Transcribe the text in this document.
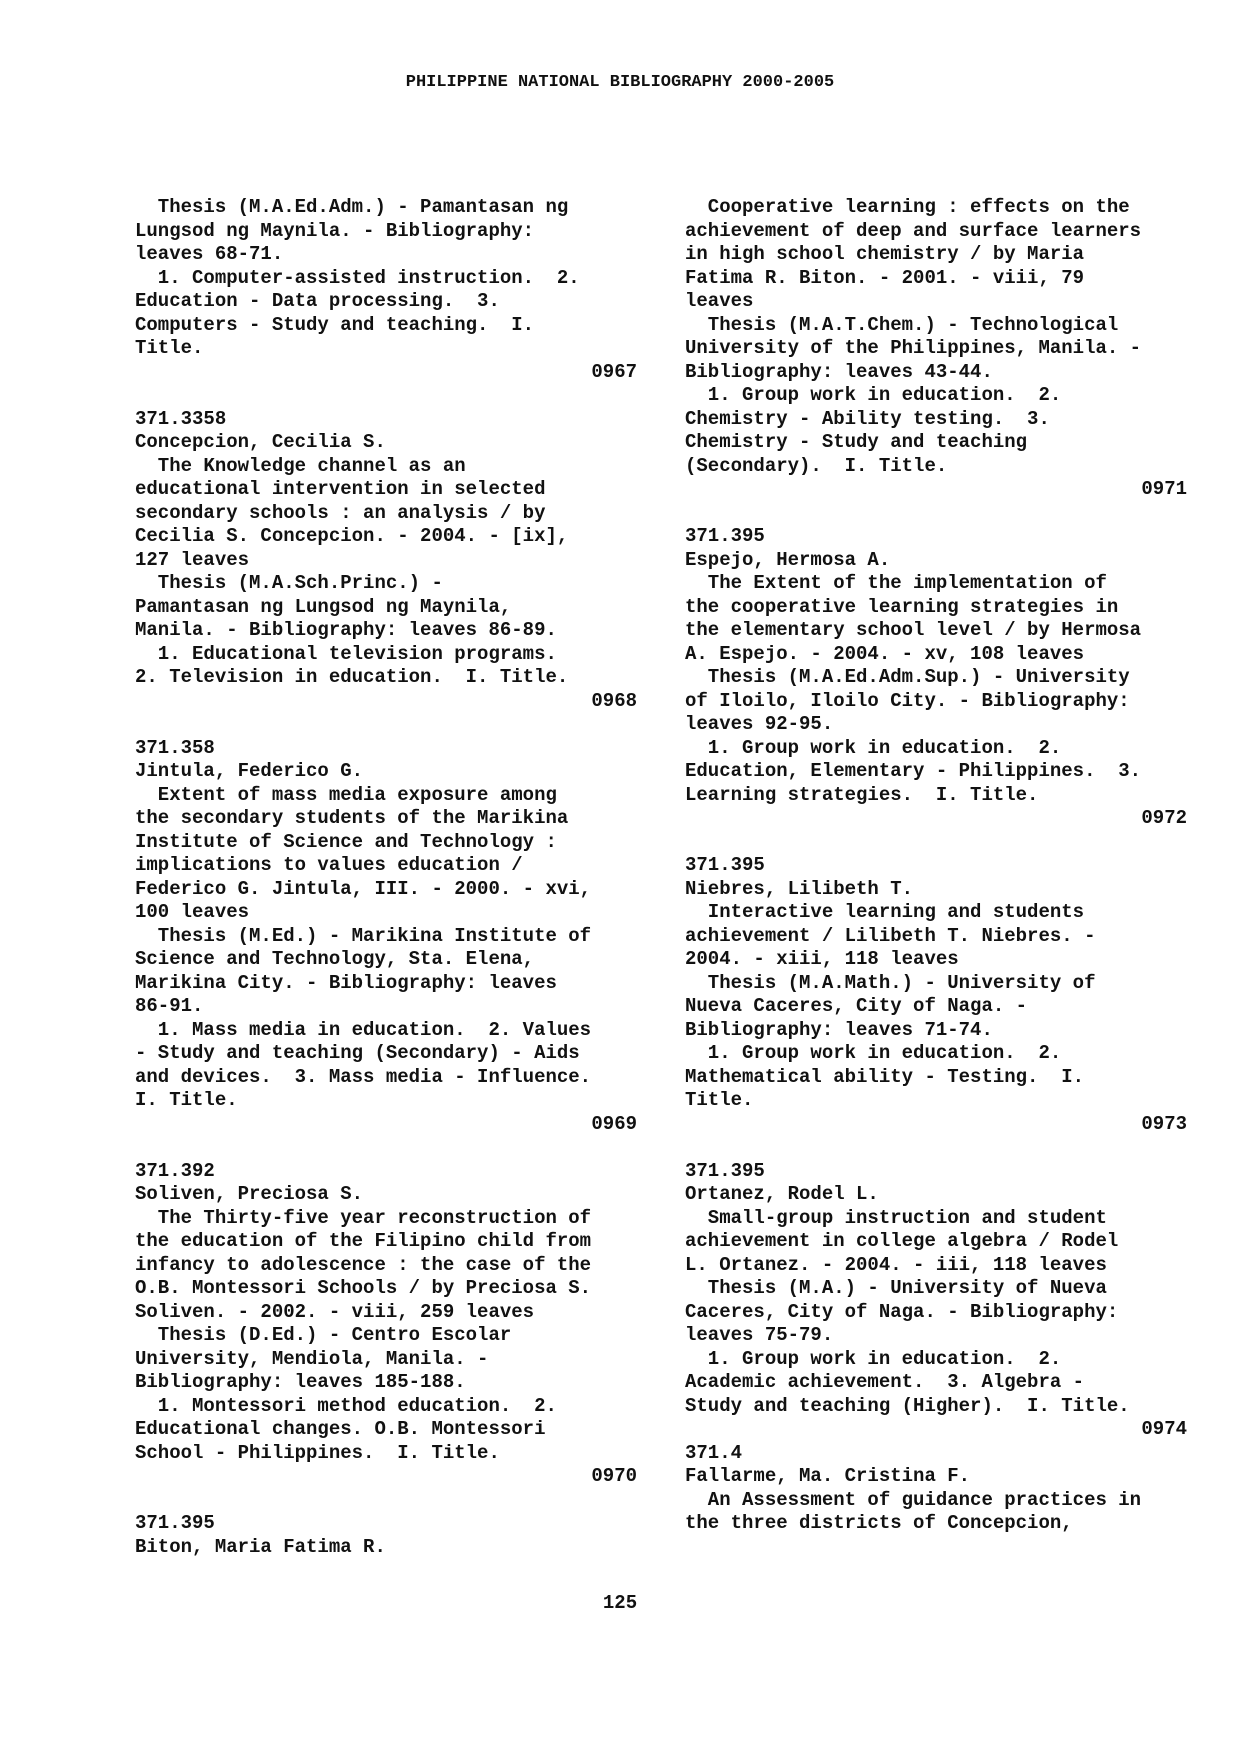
PHILIPPINE NATIONAL BIBLIOGRAPHY 2000-2005
Thesis (M.A.Ed.Adm.) - Pamantasan ng
Lungsod ng Maynila. - Bibliography:
leaves 68-71.
1. Computer-assisted instruction.  2.
Education - Data processing.  3.
Computers - Study and teaching.  I.
Title.
0967
371.3358
Concepcion, Cecilia S.
The Knowledge channel as an
educational intervention in selected
secondary schools : an analysis / by
Cecilia S. Concepcion. - 2004. - [ix],
127 leaves
Thesis (M.A.Sch.Princ.) -
Pamantasan ng Lungsod ng Maynila,
Manila. - Bibliography: leaves 86-89.
1. Educational television programs.
2. Television in education.  I. Title.
0968
371.358
Jintula, Federico G.
Extent of mass media exposure among
the secondary students of the Marikina
Institute of Science and Technology :
implications to values education /
Federico G. Jintula, III. - 2000. - xvi,
100 leaves
Thesis (M.Ed.) - Marikina Institute of
Science and Technology, Sta. Elena,
Marikina City. - Bibliography: leaves
86-91.
1. Mass media in education.  2. Values
- Study and teaching (Secondary) - Aids
and devices.  3. Mass media - Influence.
I. Title.
0969
371.392
Soliven, Preciosa S.
The Thirty-five year reconstruction of
the education of the Filipino child from
infancy to adolescence : the case of the
O.B. Montessori Schools / by Preciosa S.
Soliven. - 2002. - viii, 259 leaves
Thesis (D.Ed.) - Centro Escolar
University, Mendiola, Manila. -
Bibliography: leaves 185-188.
1. Montessori method education.  2.
Educational changes. O.B. Montessori
School - Philippines.  I. Title.
0970
371.395
Biton, Maria Fatima R.
Cooperative learning : effects on the
achievement of deep and surface learners
in high school chemistry / by Maria
Fatima R. Biton. - 2001. - viii, 79
leaves
Thesis (M.A.T.Chem.) - Technological
University of the Philippines, Manila. -
Bibliography: leaves 43-44.
1. Group work in education.  2.
Chemistry - Ability testing.  3.
Chemistry - Study and teaching
(Secondary).  I. Title.
0971
371.395
Espejo, Hermosa A.
The Extent of the implementation of
the cooperative learning strategies in
the elementary school level / by Hermosa
A. Espejo. - 2004. - xv, 108 leaves
Thesis (M.A.Ed.Adm.Sup.) - University
of Iloilo, Iloilo City. - Bibliography:
leaves 92-95.
1. Group work in education.  2.
Education, Elementary - Philippines.  3.
Learning strategies.  I. Title.
0972
371.395
Niebres, Lilibeth T.
Interactive learning and students
achievement / Lilibeth T. Niebres. -
2004. - xiii, 118 leaves
Thesis (M.A.Math.) - University of
Nueva Caceres, City of Naga. -
Bibliography: leaves 71-74.
1. Group work in education.  2.
Mathematical ability - Testing.  I.
Title.
0973
371.395
Ortanez, Rodel L.
Small-group instruction and student
achievement in college algebra / Rodel
L. Ortanez. - 2004. - iii, 118 leaves
Thesis (M.A.) - University of Nueva
Caceres, City of Naga. - Bibliography:
leaves 75-79.
1. Group work in education.  2.
Academic achievement.  3. Algebra -
Study and teaching (Higher).  I. Title.
0974
371.4
Fallarme, Ma. Cristina F.
An Assessment of guidance practices in
the three districts of Concepcion,
125
